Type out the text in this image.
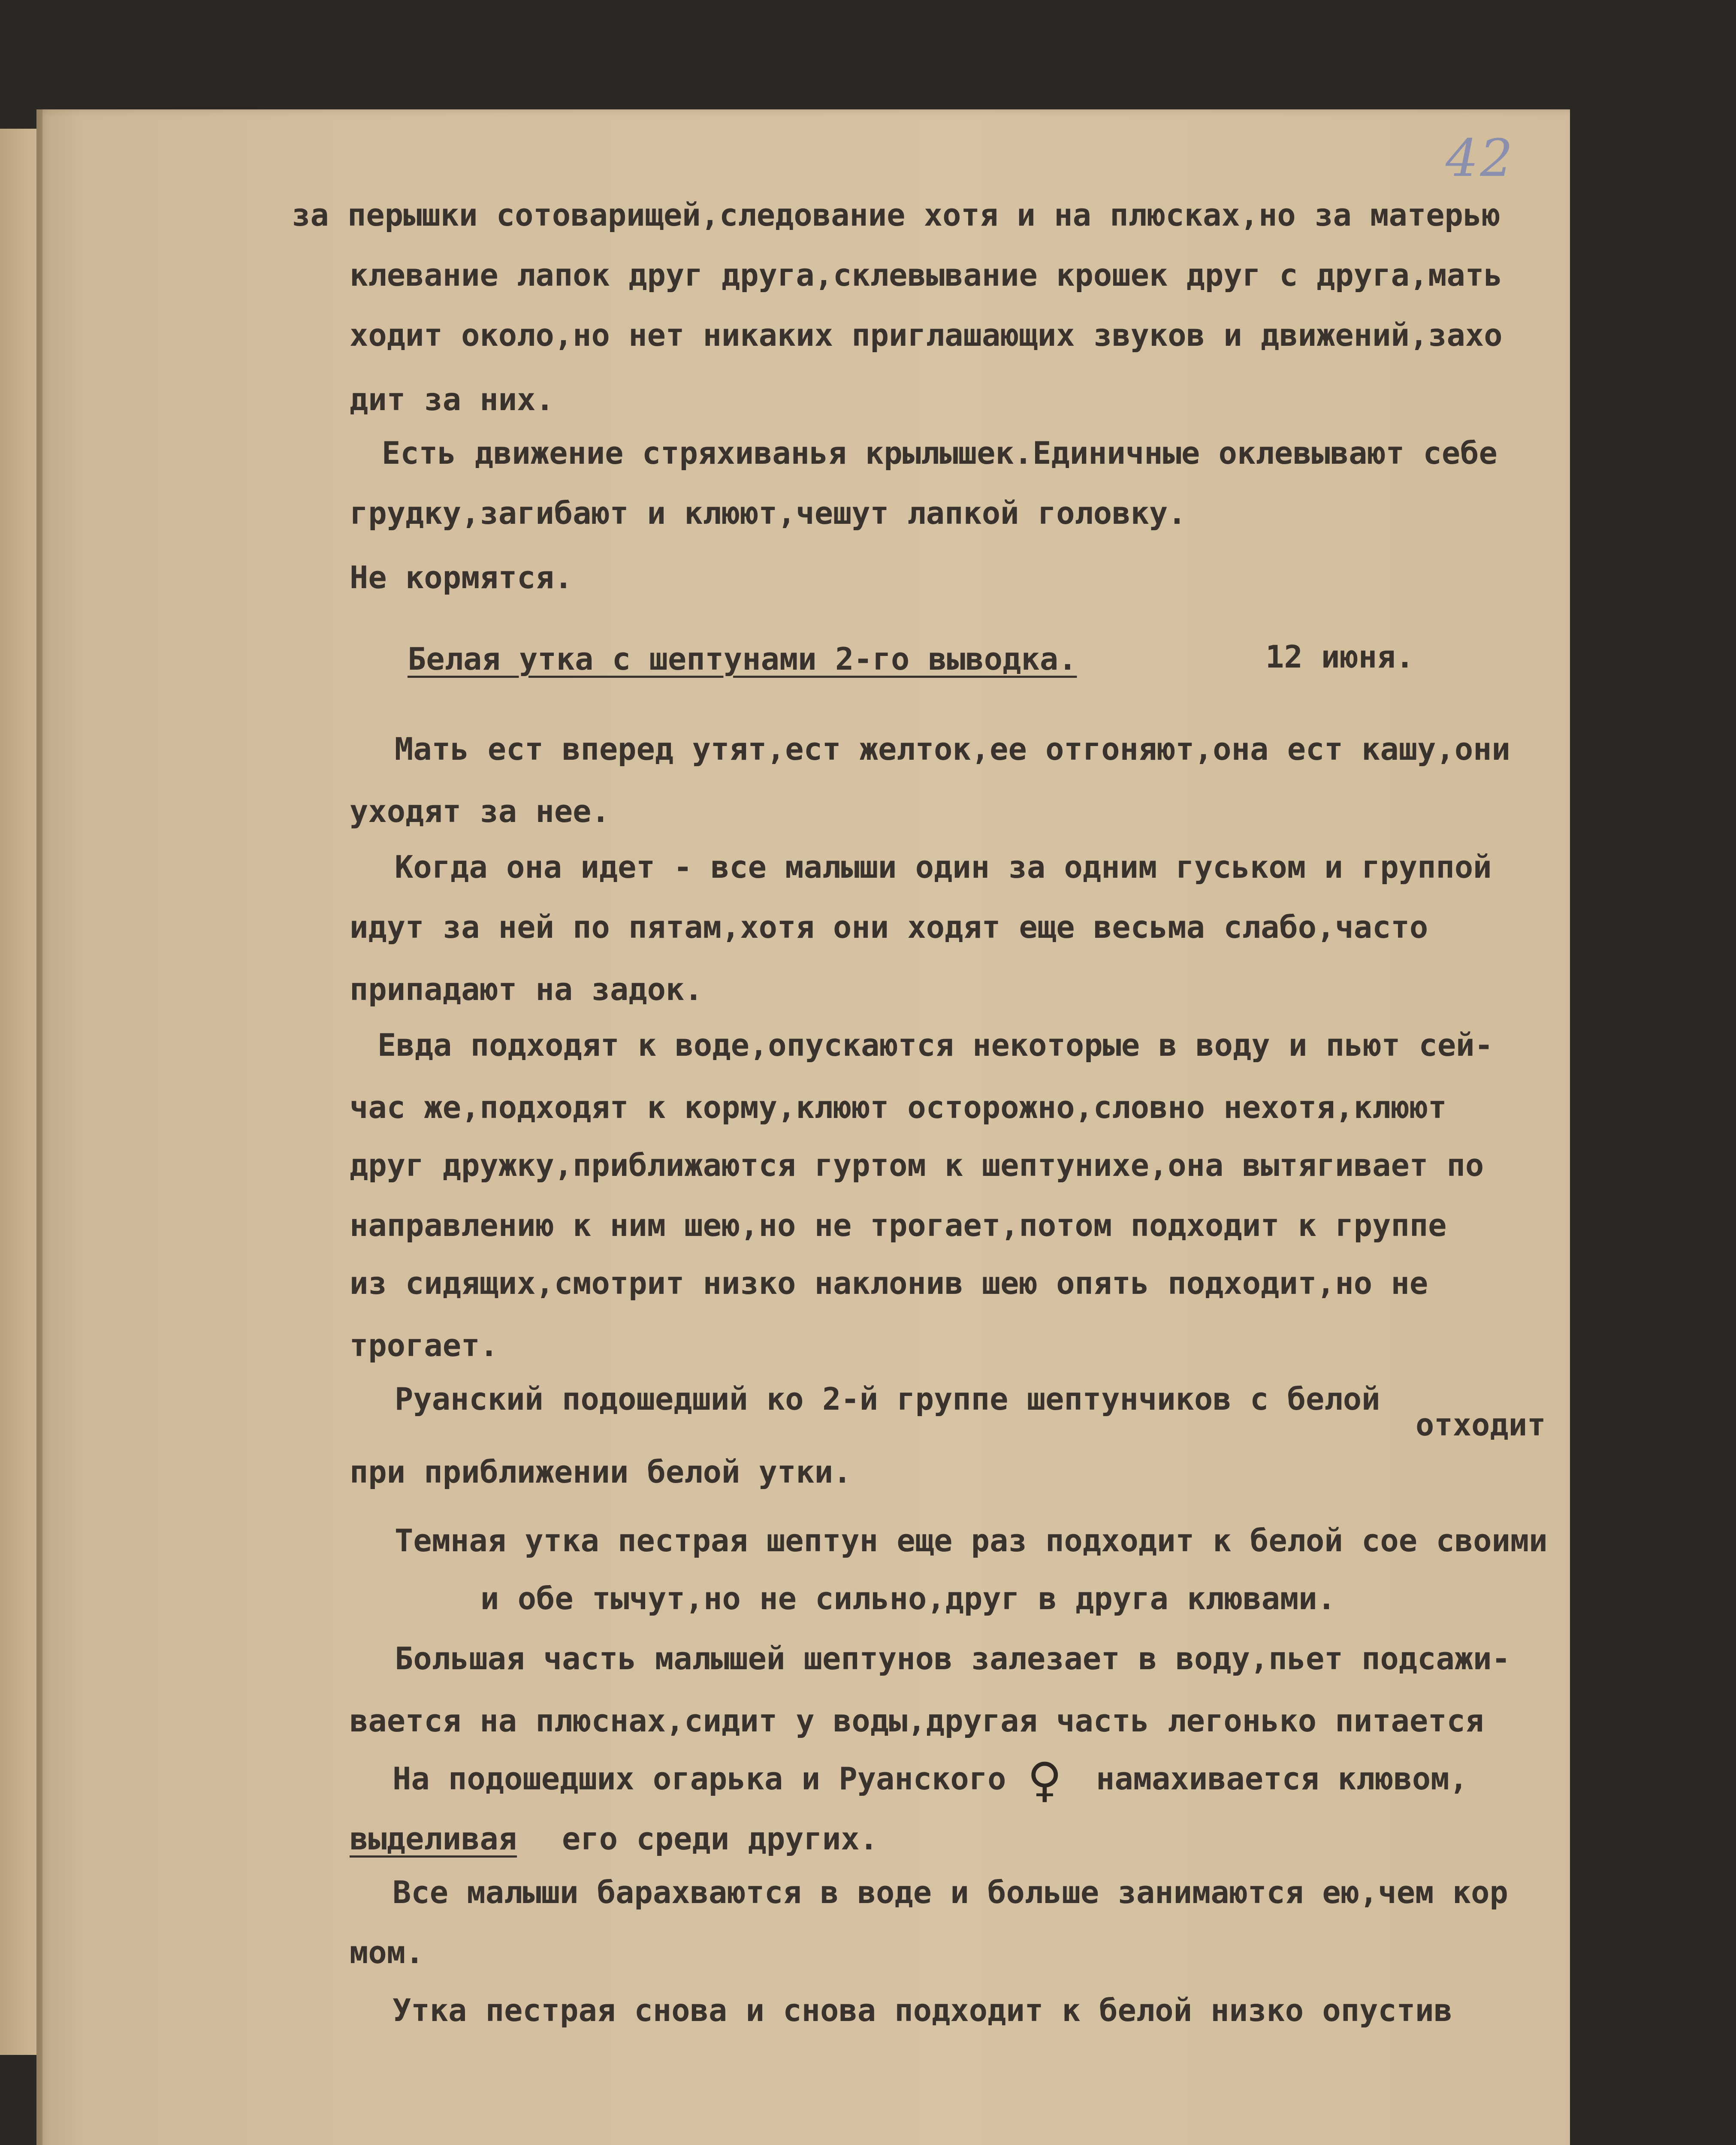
42
за перышки сотоварищей,следование хотя и на плюсках,но за матерью
клевание лапок друг друга,склевывание крошек друг с друга,мать
ходит около,но нет никаких приглашающих звуков и движений,захо
дит за них.
Есть движение стряхиванья крылышек.Единичные оклевывают себе
грудку,загибают и клюют,чешут лапкой головку.
Не кормятся.
Белая утка с шептунами 2-го выводка.	12 июня.
Мать ест вперед утят,ест желток,ее отгоняют,она ест кашу,они
уходят за нее.
Когда она идет - все малыши один за одним гуськом и группой
идут за ней по пятам,хотя они ходят еще весьма слабо,часто
припадают на задок.
Евда подходят к воде,опускаются некоторые в воду и пьют сей-
час же,подходят к корму,клюют осторожно,словно нехотя,клюют
друг дружку,приближаются гуртом к шептунихе,она вытягивает по
направлению к ним шею,но не трогает,потом подходит к группе
из сидящих,смотрит низко наклонив шею опять подходит,но не
трогает.
Руанский подошедший ко 2-й группе шептунчиков с белой
отходит
при приближении белой утки.
Темная утка пестрая шептун еще раз подходит к белой сое своими
и обе тычут,но не сильно,друг в друга клювами.
Большая часть малышей шептунов залезает в воду,пьет подсажи-
вается на плюснах,сидит у воды,другая часть легонько питается
На подошедших огарька и Руанского ♀ намахивается клювом,
выделивая его среди других.
Все малыши барахваются в воде и больше занимаются ею,чем кор
мом.
Утка пестрая снова и снова подходит к белой низко опустив
